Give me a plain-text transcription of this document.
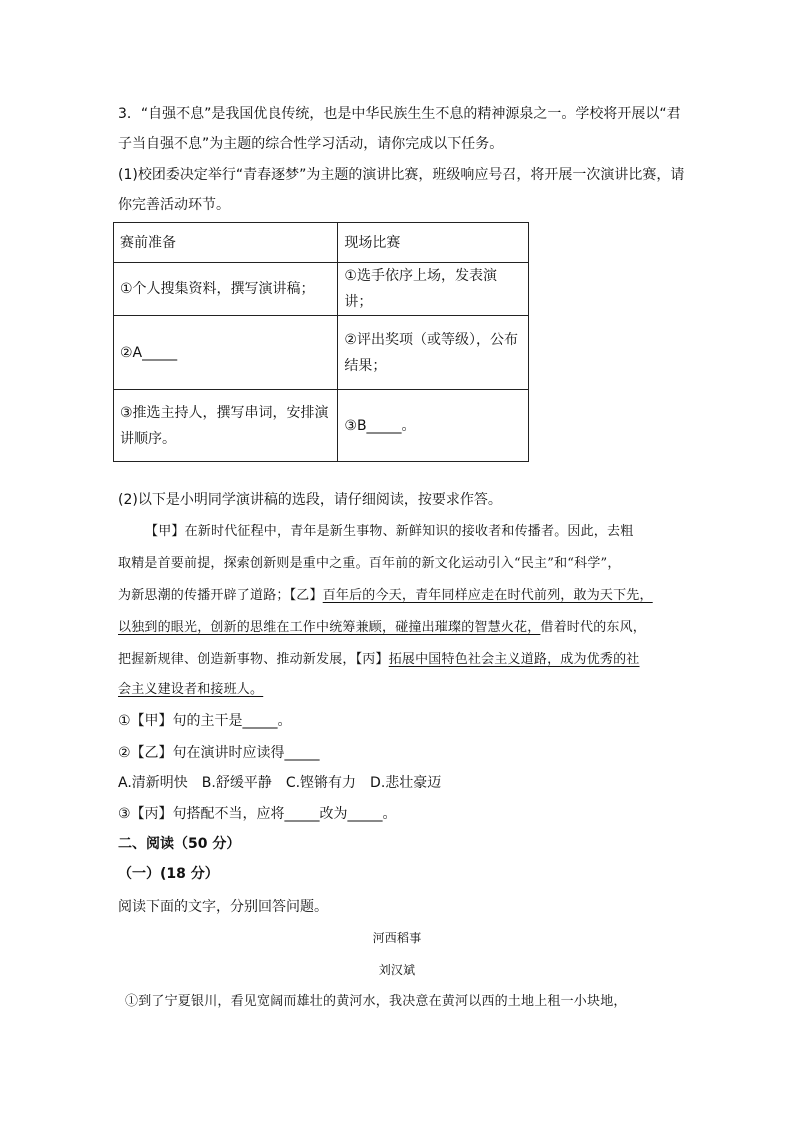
3．“自强不息”是我国优良传统，也是中华民族生生不息的精神源泉之一。学校将开展以“君
子当自强不息”为主题的综合性学习活动，请你完成以下任务。
(1)校团委决定举行“青春逐梦”为主题的演讲比赛，班级响应号召，将开展一次演讲比赛，请
你完善活动环节。
赛前准备	现场比赛
①个人搜集资料，撰写演讲稿；	①选手依序上场，发表演讲；
②A_____	②评出奖项（或等级），公布
结果；

③推选主持人，撰写串词，安排演
讲顺序。	③B_____。
(2)以下是小明同学演讲稿的选段，请仔细阅读，按要求作答。
【甲】在新时代征程中，青年是新生事物、新鲜知识的接收者和传播者。因此，去粗
取精是首要前提，探索创新则是重中之重。百年前的新文化运动引入“民主”和“科学”，
为新思潮的传播开辟了道路；【乙】百年后的今天，青年同样应走在时代前列，敢为天下先，
以独到的眼光，创新的思维在工作中统筹兼顾，碰撞出璀璨的智慧火花，借着时代的东风，
把握新规律、创造新事物、推动新发展，【丙】拓展中国特色社会主义道路，成为优秀的社
会主义建设者和接班人。
①【甲】句的主干是_____。
②【乙】句在演讲时应读得_____
A.清新明快　B.舒缓平静　C.铿锵有力　D.悲壮豪迈
③【丙】句搭配不当，应将_____改为_____。
二、阅读（50 分）
（一）(18 分）
阅读下面的文字，分别回答问题。
河西稻事
刘汉斌
①到了宁夏银川，看见宽阔而雄壮的黄河水，我决意在黄河以西的土地上租一小块地，
